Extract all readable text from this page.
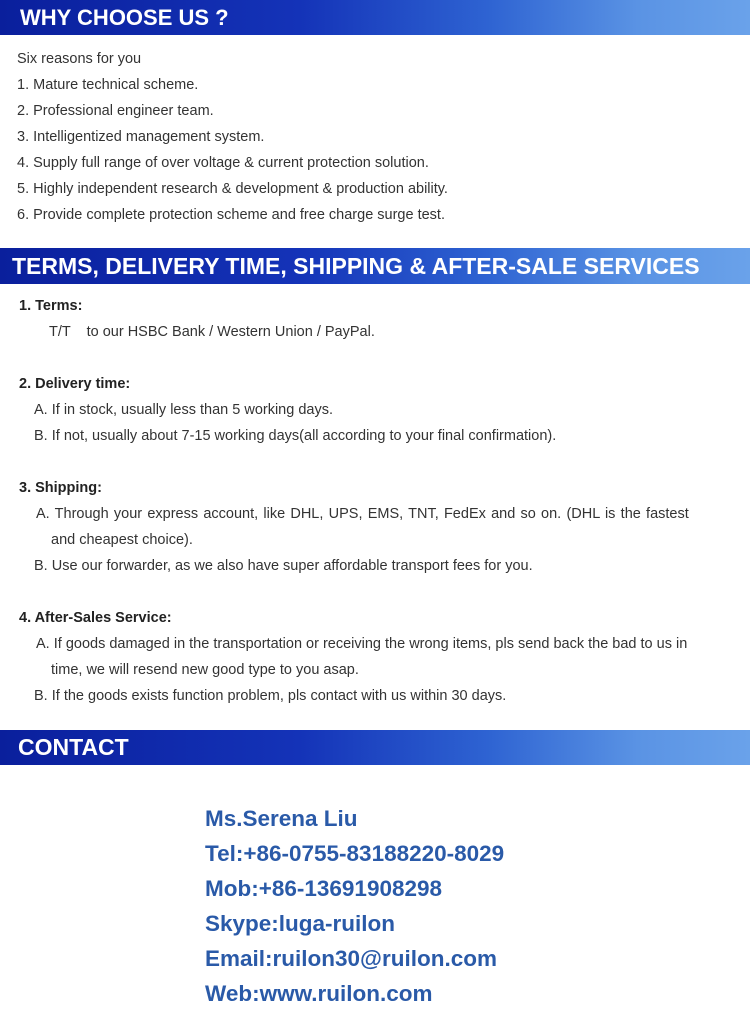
WHY CHOOSE US ?
Six reasons for you
1. Mature technical scheme.
2. Professional engineer team.
3. Intelligentized management system.
4. Supply full range of over voltage & current protection solution.
5. Highly independent research & development & production ability.
6. Provide complete protection scheme and free charge surge test.
TERMS, DELIVERY TIME, SHIPPING & AFTER-SALE SERVICES
1. Terms:
T/T    to our HSBC Bank / Western Union / PayPal.
2. Delivery time:
A. If in stock, usually less than 5 working days.
B. If not, usually about 7-15 working days(all according to your final confirmation).
3. Shipping:
A. Through your express account, like DHL, UPS, EMS, TNT, FedEx and so on. (DHL is the fastest
and cheapest choice).
B. Use our forwarder, as we also have super affordable transport fees for you.
4. After-Sales Service:
A. If goods damaged in the transportation or receiving the wrong items, pls send back the bad to us in
time, we will resend new good type to you asap.
B. If the goods exists function problem, pls contact with us within 30 days.
CONTACT
Ms.Serena Liu
Tel:+86-0755-83188220-8029
Mob:+86-13691908298
Skype:luga-ruilon
Email:ruilon30@ruilon.com
Web:www.ruilon.com
